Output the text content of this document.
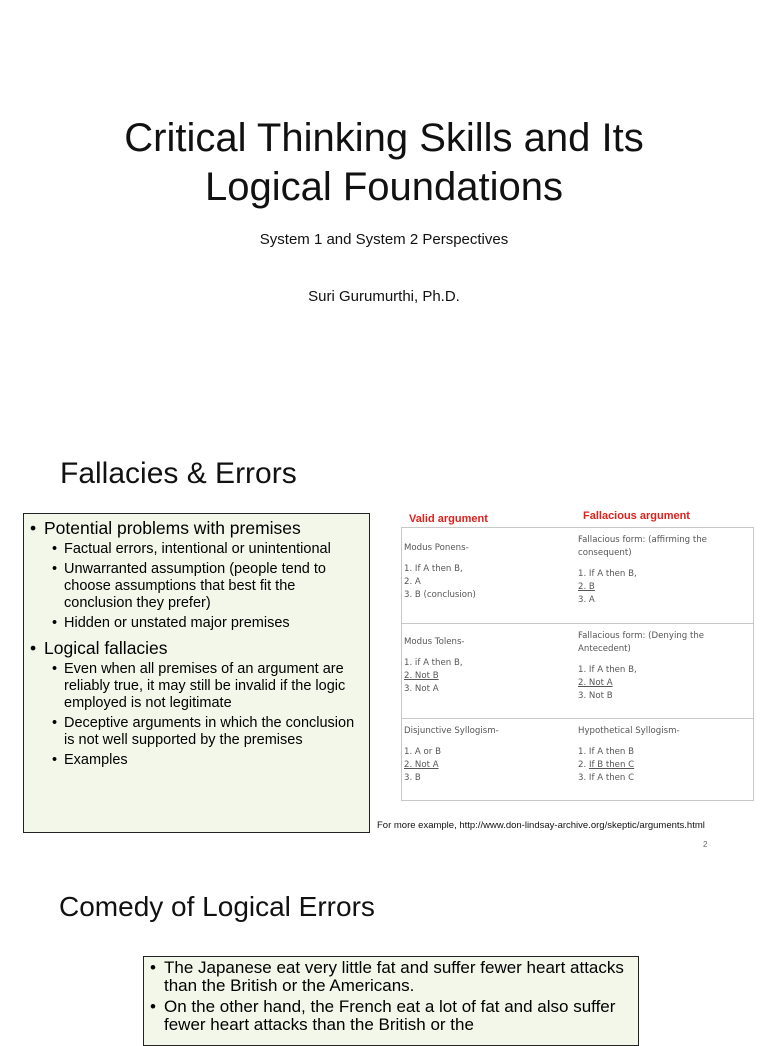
Critical Thinking Skills and Its
Logical Foundations
System 1 and System 2 Perspectives
Suri Gurumurthi, Ph.D.
Fallacies & Errors
• Potential problems with premises
• Factual errors, intentional or unintentional
• Unwarranted assumption (people tend to choose assumptions that best fit the conclusion they prefer)
• Hidden or unstated major premises
• Logical fallacies
• Even when all premises of an argument are reliably true, it may still be invalid if the logic employed is not legitimate
• Deceptive arguments in which the conclusion is not well supported by the premises
• Examples
Valid argument	Fallacious argument
Modus Ponens-
1. If A then B,
2. A
3. B (conclusion)
Fallacious form: (affirming the consequent)
1. If A then B,
2. B
3. A
Modus Tolens-
1. if A then B,
2. Not B
3. Not A
Fallacious form: (Denying the Antecedent)
1. If A then B,
2. Not A
3. Not B
Disjunctive Syllogism-
1. A or B
2. Not A
3. B
Hypothetical Syllogism-
1. If A then B
2. If B then C
3. If A then C
For more example, http://www.don-lindsay-archive.org/skeptic/arguments.html
2
Comedy of Logical Errors
• The Japanese eat very little fat and suffer fewer heart attacks than the British or the Americans.
• On the other hand, the French eat a lot of fat and also suffer fewer heart attacks than the British or the
